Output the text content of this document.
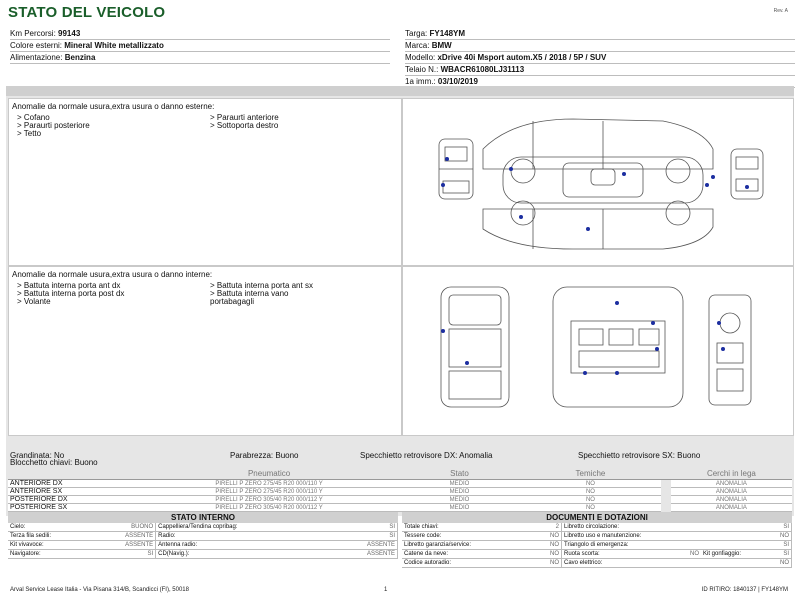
STATO DEL VEICOLO	Rev. A
Km Percorsi: 99143
Colore esterni: Mineral White metallizzato
Alimentazione: Benzina
Targa: FY148YM
Marca: BMW
Modello: xDrive 40i Msport autom.X5 / 2018 / 5P / SUV
Telaio N.: WBACR61080LJ31113
1a imm.: 03/10/2019
Anomalie da normale usura,extra usura o danno esterne:
> Cofano
> Paraurti posteriore
> Tetto
> Paraurti anteriore
> Sottoporta destro
Anomalie da normale usura,extra usura o danno interne:
> Battuta interna porta ant dx
> Battuta interna porta post dx
> Volante
> Battuta interna porta ant sx
> Battuta interna vano
portabagagli
Grandinata: No	Parabrezza: Buono	Specchietto retrovisore DX: Anomalia	Specchietto retrovisore SX: Buono
Blocchetto chiavi: Buono
	Pneumatico	Stato	Temiche		Cerchi in lega
ANTERIORE DX	PIRELLI P ZERO 275/45 R20 000/110 Y	MEDIO	NO		ANOMALIA
ANTERIORE SX	PIRELLI P ZERO 275/45 R20 000/110 Y	MEDIO	NO		ANOMALIA
POSTERIORE DX	PIRELLI P ZERO 305/40 R20 000/112 Y	MEDIO	NO		ANOMALIA
POSTERIORE SX	PIRELLI P ZERO 305/40 R20 000/112 Y	MEDIO	NO		ANOMALIA
STATO INTERNO
Cielo:	BUONO	Cappelliera/Tendina copribag:	SI
Terza fila sedili:	ASSENTE	Radio:	SI
Kit vivavoce:	ASSENTE	Antenna radio:	ASSENTE
Navigatore:	SI	CD(Navig.):	ASSENTE
DOCUMENTI E DOTAZIONI
Totale chiavi:	2	Libretto circolazione:	SI
Tessere code:	NO	Libretto uso e manutenzione:	NO
Libretto garanzia/service:	NO	Triangolo di emergenza:	SI
Catene da neve:	NO	Ruota scorta: NO	Kit gonfiaggio: SI

Codice autoradio:	NO	Cavo elettrico:	NO
Arval Service Lease Italia - Via Pisana 314/B, Scandicci (FI), 50018	1	ID RITIRO: 1840137 | FY148YM
